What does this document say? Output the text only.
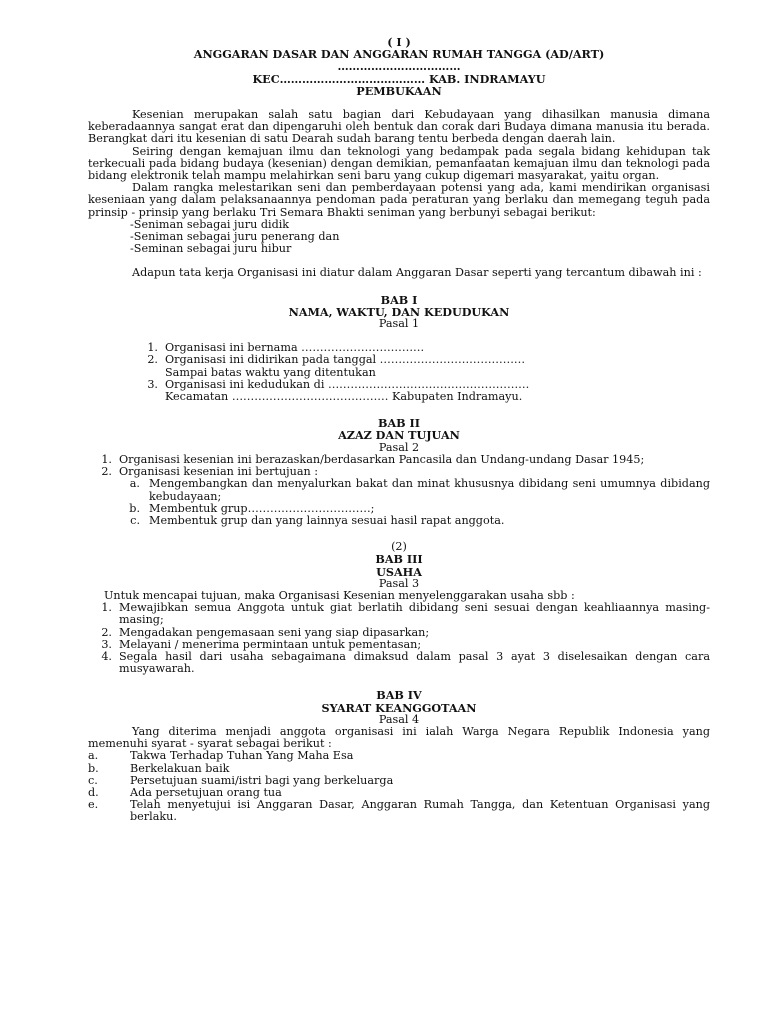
( I )
ANGGARAN DASAR DAN ANGGARAN RUMAH TANGGA (AD/ART)
……………………………
KEC………………………………… KAB. INDRAMAYU
PEMBUKAAN

Kesenian merupakan salah satu bagian dari Kebudayaan yang dihasilkan manusia dimana keberadaannya sangat erat dan dipengaruhi oleh bentuk dan corak dari Budaya dimana manusia itu berada. Berangkat dari itu kesenian di satu Dearah sudah barang tentu berbeda dengan daerah lain.

Seiring dengan kemajuan ilmu dan teknologi yang bedampak pada segala bidang kehidupan tak terkecuali pada bidang budaya (kesenian) dengan demikian, pemanfaatan kemajuan ilmu dan teknologi pada bidang elektronik telah mampu melahirkan seni baru yang cukup digemari masyarakat, yaitu organ.

Dalam rangka melestarikan seni dan pemberdayaan potensi yang ada, kami mendirikan organisasi keseniaan yang dalam pelaksanaannya pendoman pada peraturan yang berlaku dan memegang teguh pada prinsip - prinsip yang berlaku Tri Semara Bhakti seniman yang berbunyi sebagai berikut:

-Seniman sebagai juru didik
-Seniman sebagai juru penerang dan
-Seminan sebagai juru hibur

Adapun tata kerja Organisasi ini diatur dalam Anggaran Dasar seperti yang tercantum dibawah ini :

BAB I
NAMA, WAKTU, DAN KEDUDUKAN
Pasal 1
1. Organisasi ini bernama ……………………………
2. Organisasi ini didirikan pada tanggal …………………………………
Sampai batas waktu yang ditentukan
3. Organisasi ini kedudukan di ………………………………………………
Kecamatan …………………………………… Kabupaten Indramayu.
BAB II
AZAZ DAN TUJUAN
Pasal 2
1. Organisasi kesenian ini berazaskan/berdasarkan Pancasila dan Undang-undang Dasar 1945;
2. Organisasi kesenian ini bertujuan :
a. Mengembangkan dan menyalurkan bakat dan minat khususnya dibidang seni umumnya dibidang kebudayaan;
b. Membentuk grup……………………………;
c. Membentuk grup dan yang lainnya sesuai hasil rapat anggota.
(2)
BAB III
USAHA
Pasal 3
Untuk mencapai tujuan, maka Organisasi Kesenian menyelenggarakan usaha sbb :
1. Mewajibkan semua Anggota untuk giat berlatih dibidang seni sesuai dengan keahliaannya masing-masing;
2. Mengadakan pengemasaan seni yang siap dipasarkan;
3. Melayani / menerima permintaan untuk pementasan;
4. Segala hasil dari usaha sebagaimana dimaksud dalam pasal 3 ayat 3 diselesaikan dengan cara musyawarah.
BAB IV
SYARAT KEANGGOTAAN
Pasal 4

Yang diterima menjadi anggota organisasi ini ialah Warga Negara Republik Indonesia yang memenuhi syarat - syarat sebagai berikut :

a.	Takwa Terhadap Tuhan Yang Maha Esa
b.	Berkelakuan baik
c.	Persetujuan suami/istri bagi yang berkeluarga
d.	Ada persetujuan orang tua
e.	Telah menyetujui isi Anggaran Dasar, Anggaran Rumah Tangga, dan Ketentuan Organisasi yang berlaku.
